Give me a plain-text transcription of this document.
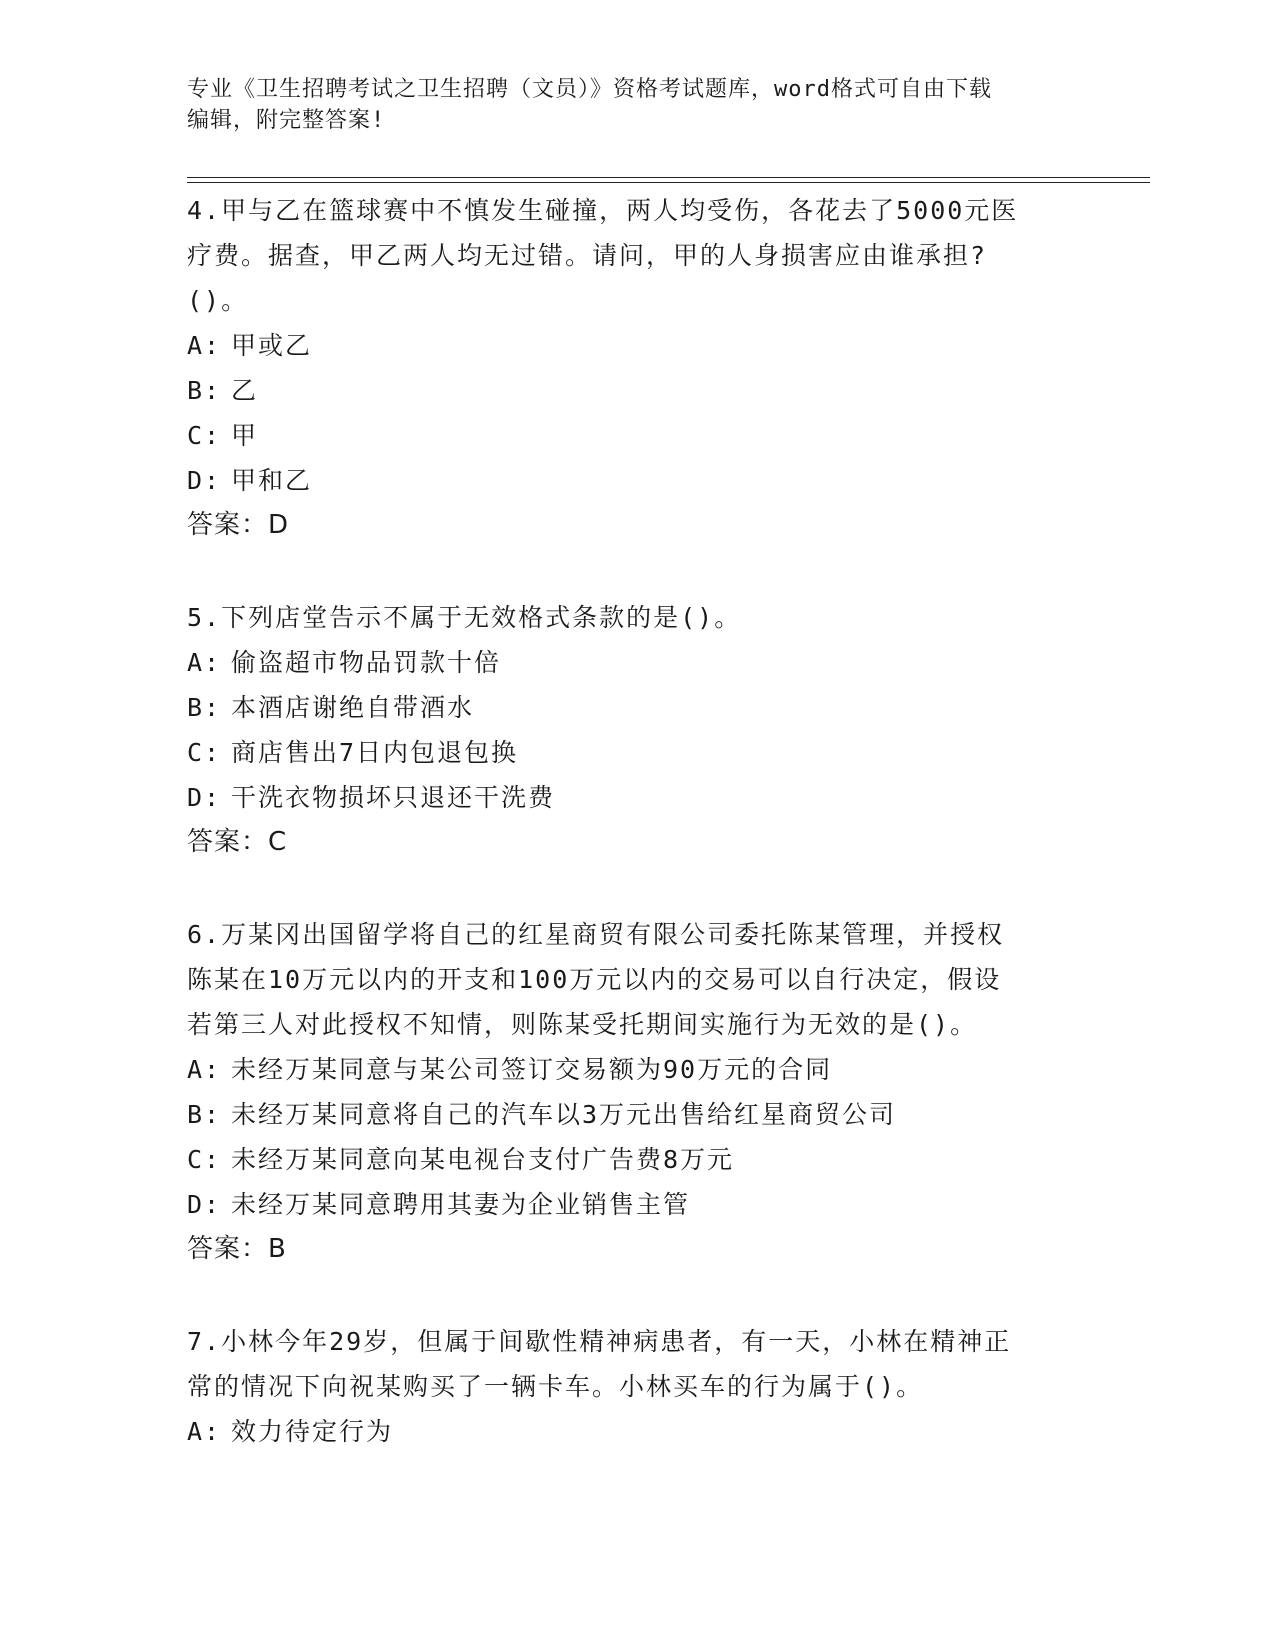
专业《卫生招聘考试之卫生招聘（文员）》资格考试题库，word格式可自由下载
编辑，附完整答案!
4.甲与乙在篮球赛中不慎发生碰撞，两人均受伤，各花去了5000元医
疗费。据查，甲乙两人均无过错。请问，甲的人身损害应由谁承担?
()。
A: 甲或乙
B: 乙
C: 甲
D: 甲和乙
答案：D
5.下列店堂告示不属于无效格式条款的是()。
A: 偷盗超市物品罚款十倍
B: 本酒店谢绝自带酒水
C: 商店售出7日内包退包换
D: 干洗衣物损坏只退还干洗费
答案：C
6.万某冈出国留学将自己的红星商贸有限公司委托陈某管理，并授权
陈某在10万元以内的开支和100万元以内的交易可以自行决定，假设
若第三人对此授权不知情，则陈某受托期间实施行为无效的是()。
A: 未经万某同意与某公司签订交易额为90万元的合同
B: 未经万某同意将自己的汽车以3万元出售给红星商贸公司
C: 未经万某同意向某电视台支付广告费8万元
D: 未经万某同意聘用其妻为企业销售主管
答案：B
7.小林今年29岁，但属于间歇性精神病患者，有一天，小林在精神正
常的情况下向祝某购买了一辆卡车。小林买车的行为属于()。
A: 效力待定行为
